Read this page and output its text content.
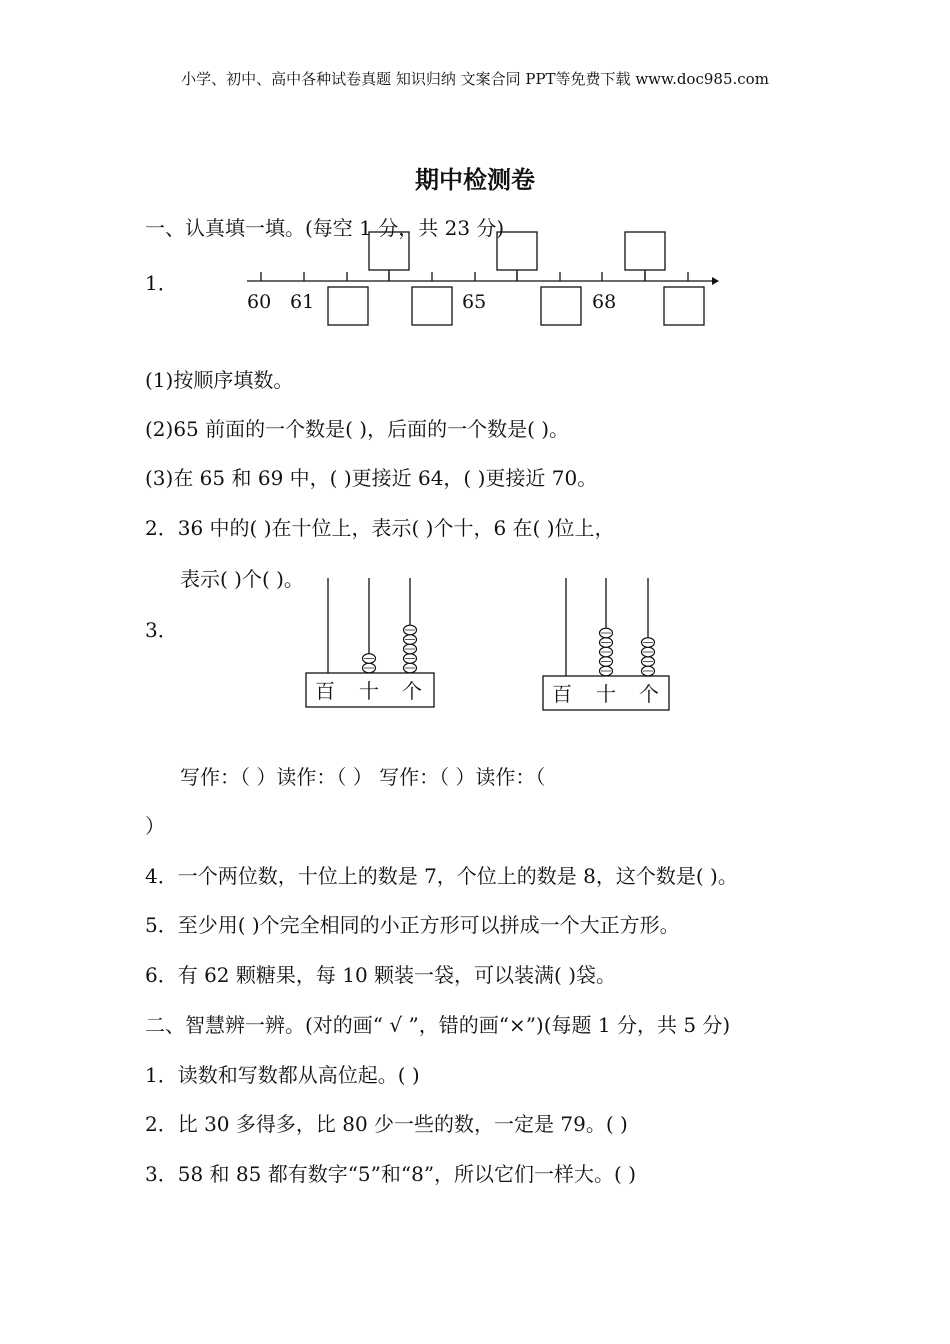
小学、初中、高中各种试卷真题 知识归纳 文案合同 PPT等免费下载 www.doc985.com
期中检测卷
一、认真填一填。(每空 1 分，共 23 分)
1．
60 61	65	68
百 十 个	百 十 个
(1)按顺序填数。
(2)65 前面的一个数是( )，后面的一个数是( )。
(3)在 65 和 69 中，( )更接近 64，( )更接近 70。
2．36 中的( )在十位上，表示( )个十，6 在( )位上，
表示( )个( )。
3．
写作：（ ）读作：（ ） 写作：（ ）读作：（
）
4．一个两位数，十位上的数是 7，个位上的数是 8，这个数是( )。
5．至少用( )个完全相同的小正方形可以拼成一个大正方形。
6．有 62 颗糖果，每 10 颗装一袋，可以装满( )袋。
二、智慧辨一辨。(对的画“ √ ”，错的画“×”)(每题 1 分，共 5 分)
1．读数和写数都从高位起。( )
2．比 30 多得多，比 80 少一些的数，一定是 79。( )
3．58 和 85 都有数字“5”和“8”，所以它们一样大。( )
